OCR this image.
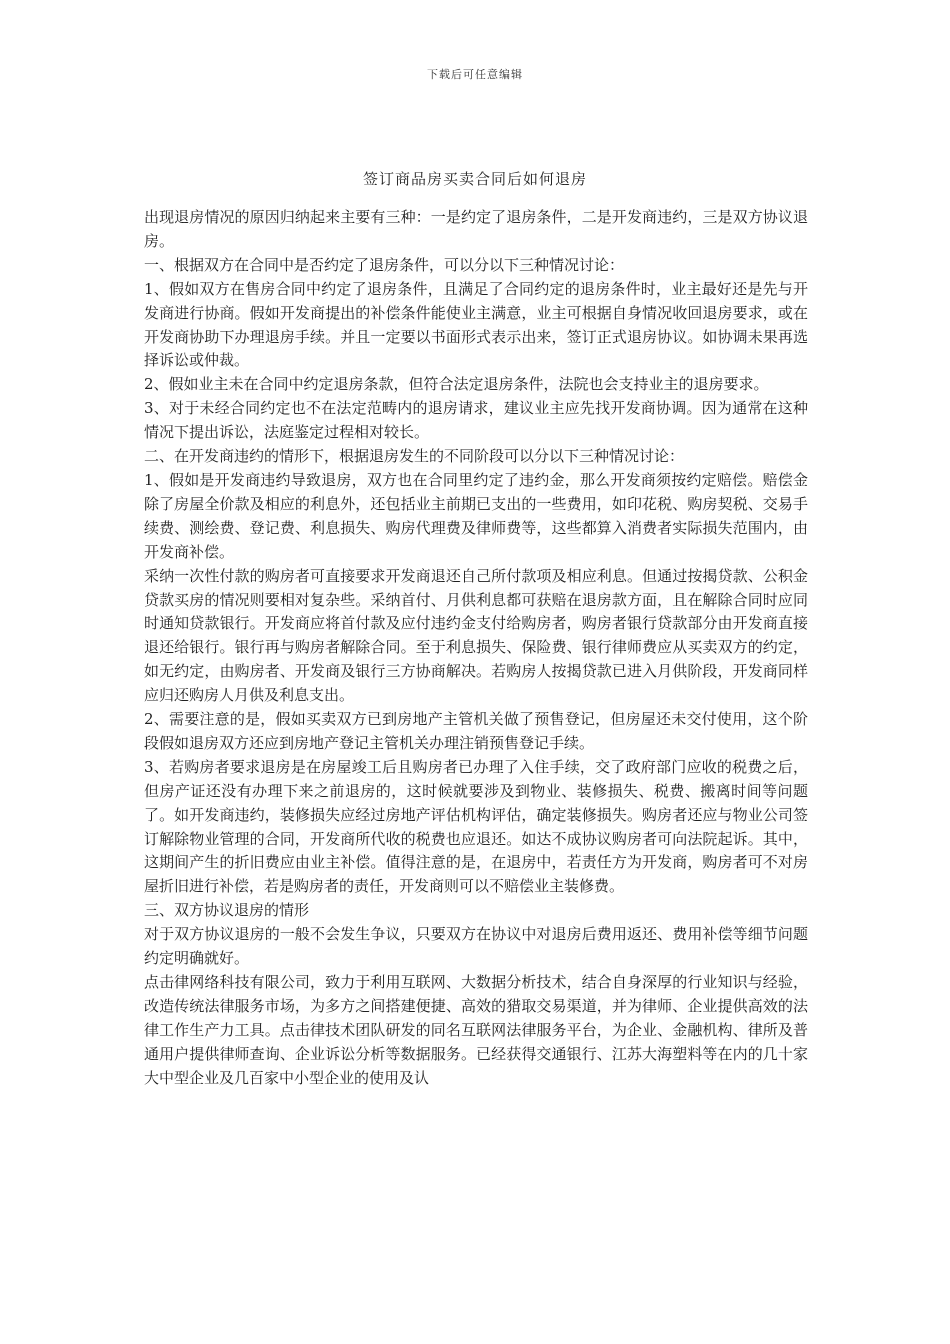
下载后可任意编辑
签订商品房买卖合同后如何退房

出现退房情况的原因归纳起来主要有三种：一是约定了退房条件，二是开发商违约，三是双方协议退房。

一、根据双方在合同中是否约定了退房条件，可以分以下三种情况讨论：

1、假如双方在售房合同中约定了退房条件，且满足了合同约定的退房条件时，业主最好还是先与开发商进行协商。假如开发商提出的补偿条件能使业主满意，业主可根据自身情况收回退房要求，或在开发商协助下办理退房手续。并且一定要以书面形式表示出来，签订正式退房协议。如协调未果再选择诉讼或仲裁。

2、假如业主未在合同中约定退房条款，但符合法定退房条件，法院也会支持业主的退房要求。

3、对于未经合同约定也不在法定范畴内的退房请求，建议业主应先找开发商协调。因为通常在这种情况下提出诉讼，法庭鉴定过程相对较长。

二、在开发商违约的情形下，根据退房发生的不同阶段可以分以下三种情况讨论：

1、假如是开发商违约导致退房，双方也在合同里约定了违约金，那么开发商须按约定赔偿。赔偿金除了房屋全价款及相应的利息外，还包括业主前期已支出的一些费用，如印花税、购房契税、交易手续费、测绘费、登记费、利息损失、购房代理费及律师费等，这些都算入消费者实际损失范围内，由开发商补偿。

采纳一次性付款的购房者可直接要求开发商退还自己所付款项及相应利息。但通过按揭贷款、公积金贷款买房的情况则要相对复杂些。采纳首付、月供利息都可获赔在退房款方面，且在解除合同时应同时通知贷款银行。开发商应将首付款及应付违约金支付给购房者，购房者银行贷款部分由开发商直接退还给银行。银行再与购房者解除合同。至于利息损失、保险费、银行律师费应从买卖双方的约定，如无约定，由购房者、开发商及银行三方协商解决。若购房人按揭贷款已进入月供阶段，开发商同样应归还购房人月供及利息支出。

2、需要注意的是，假如买卖双方已到房地产主管机关做了预售登记，但房屋还未交付使用，这个阶段假如退房双方还应到房地产登记主管机关办理注销预售登记手续。

3、若购房者要求退房是在房屋竣工后且购房者已办理了入住手续，交了政府部门应收的税费之后，但房产证还没有办理下来之前退房的，这时候就要涉及到物业、装修损失、税费、搬离时间等问题了。如开发商违约，装修损失应经过房地产评估机构评估，确定装修损失。购房者还应与物业公司签订解除物业管理的合同，开发商所代收的税费也应退还。如达不成协议购房者可向法院起诉。其中，这期间产生的折旧费应由业主补偿。值得注意的是，在退房中，若责任方为开发商，购房者可不对房屋折旧进行补偿，若是购房者的责任，开发商则可以不赔偿业主装修费。

三、双方协议退房的情形

对于双方协议退房的一般不会发生争议，只要双方在协议中对退房后费用返还、费用补偿等细节问题约定明确就好。

点击律网络科技有限公司，致力于利用互联网、大数据分析技术，结合自身深厚的行业知识与经验，改造传统法律服务市场，为多方之间搭建便捷、高效的猎取交易渠道，并为律师、企业提供高效的法律工作生产力工具。点击律技术团队研发的同名互联网法律服务平台，为企业、金融机构、律所及普通用户提供律师查询、企业诉讼分析等数据服务。已经获得交通银行、江苏大海塑料等在内的几十家大中型企业及几百家中小型企业的使用及认
